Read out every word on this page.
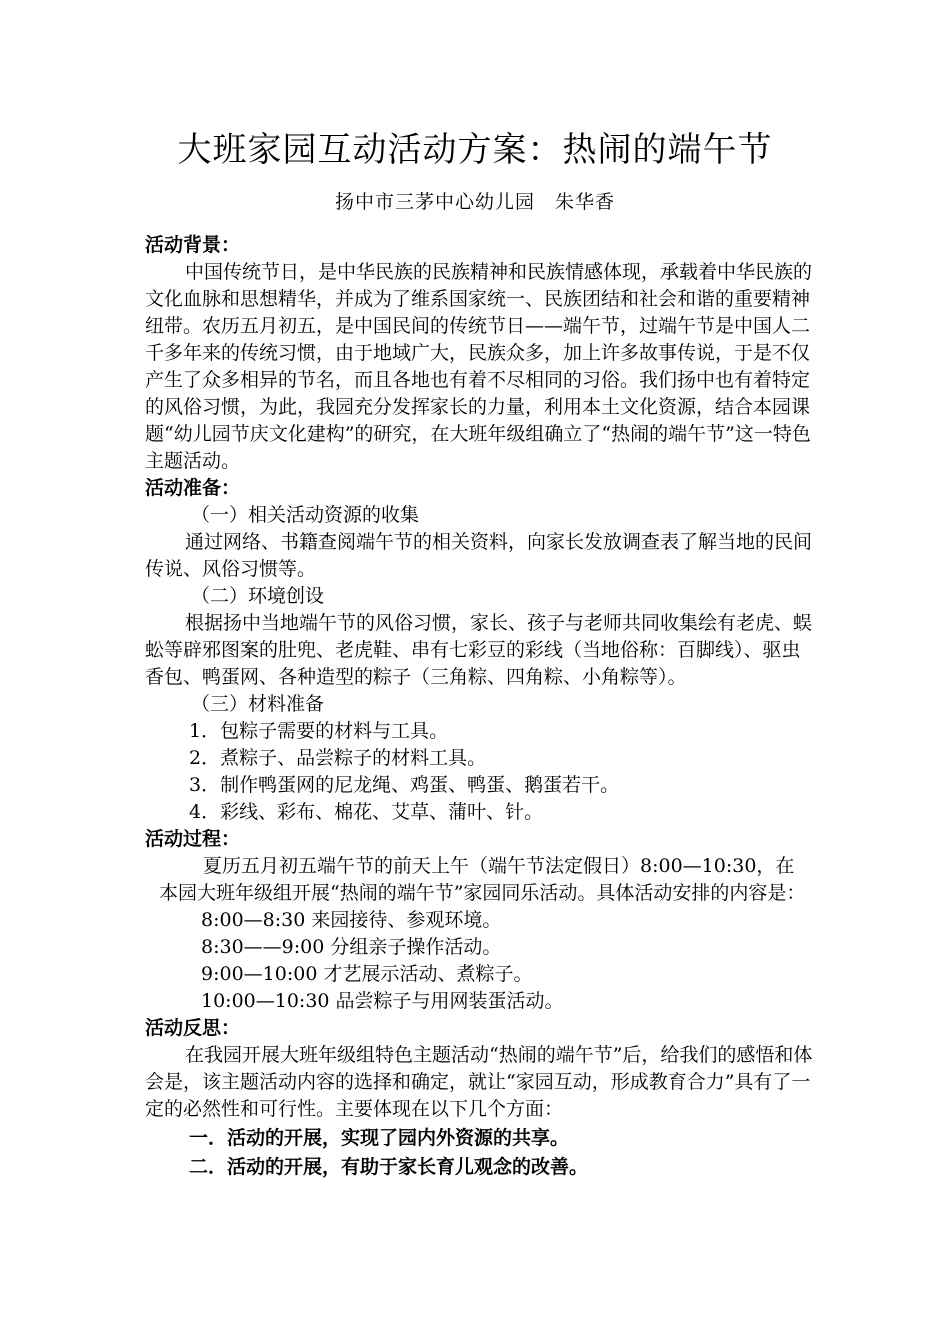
大班家园互动活动方案：热闹的端午节
扬中市三茅中心幼儿园　朱华香
活动背景：

中国传统节日，是中华民族的民族精神和民族情感体现，承载着中华民族的文化血脉和思想精华，并成为了维系国家统一、民族团结和社会和谐的重要精神纽带。农历五月初五，是中国民间的传统节日——端午节，过端午节是中国人二千多年来的传统习惯，由于地域广大，民族众多，加上许多故事传说，于是不仅产生了众多相异的节名，而且各地也有着不尽相同的习俗。我们扬中也有着特定的风俗习惯，为此，我园充分发挥家长的力量，利用本土文化资源，结合本园课题“幼儿园节庆文化建构”的研究，在大班年级组确立了“热闹的端午节”这一特色主题活动。

活动准备：
（一）相关活动资源的收集

通过网络、书籍查阅端午节的相关资料，向家长发放调查表了解当地的民间传说、风俗习惯等。

（二）环境创设

根据扬中当地端午节的风俗习惯，家长、孩子与老师共同收集绘有老虎、蜈蚣等辟邪图案的肚兜、老虎鞋、串有七彩豆的彩线（当地俗称：百脚线）、驱虫香包、鸭蛋网、各种造型的粽子（三角粽、四角粽、小角粽等）。

（三）材料准备
1．包粽子需要的材料与工具。
2．煮粽子、品尝粽子的材料工具。
3．制作鸭蛋网的尼龙绳、鸡蛋、鸭蛋、鹅蛋若干。
4．彩线、彩布、棉花、艾草、蒲叶、针。
活动过程：

夏历五月初五端午节的前天上午（端午节法定假日）8:00—10:30，在本园大班年级组开展“热闹的端午节”家园同乐活动。具体活动安排的内容是：

8:00—8:30 来园接待、参观环境。
8:30——9:00 分组亲子操作活动。
9:00—10:00 才艺展示活动、煮粽子。
10:00—10:30 品尝粽子与用网装蛋活动。
活动反思：

在我园开展大班年级组特色主题活动“热闹的端午节”后，给我们的感悟和体会是，该主题活动内容的选择和确定，就让“家园互动，形成教育合力”具有了一定的必然性和可行性。主要体现在以下几个方面：

一．活动的开展，实现了园内外资源的共享。
二．活动的开展，有助于家长育儿观念的改善。
